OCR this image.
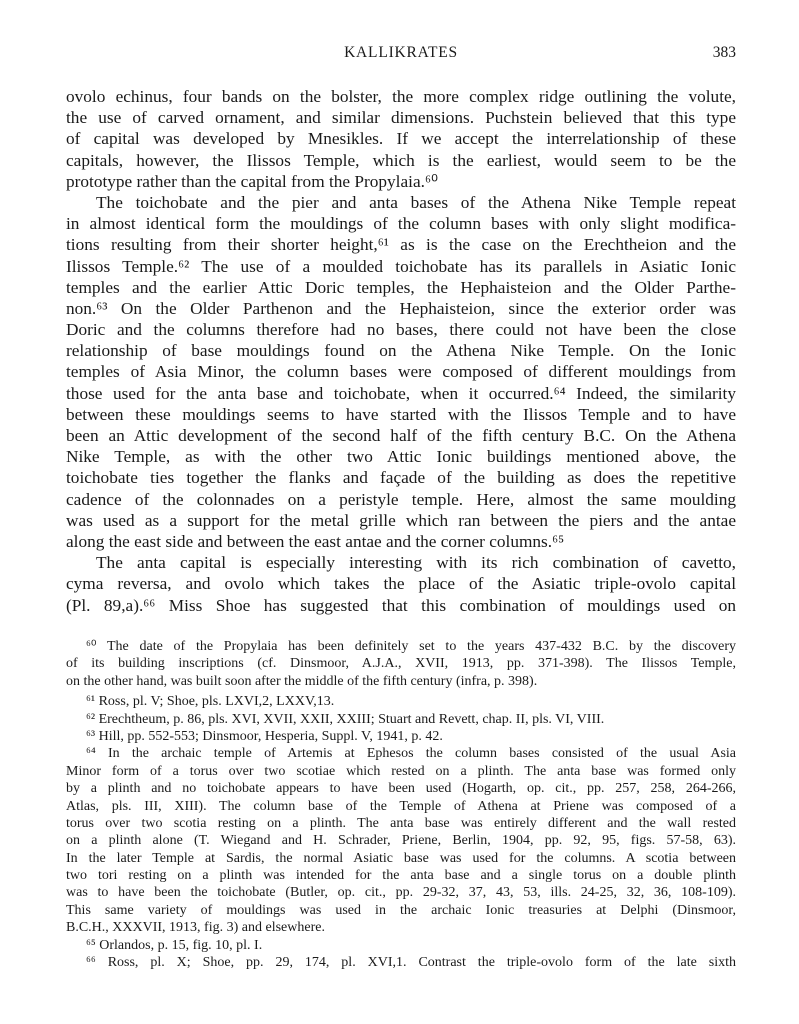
KALLIKRATES	383
ovolo echinus, four bands on the bolster, the more complex ridge outlining the volute,
the use of carved ornament, and similar dimensions. Puchstein believed that this type
of capital was developed by Mnesikles. If we accept the interrelationship of these
capitals, however, the Ilissos Temple, which is the earliest, would seem to be the
prototype rather than the capital from the Propylaia.⁶⁰
The toichobate and the pier and anta bases of the Athena Nike Temple repeat
in almost identical form the mouldings of the column bases with only slight modifica-
tions resulting from their shorter height,⁶¹ as is the case on the Erechtheion and the
Ilissos Temple.⁶² The use of a moulded toichobate has its parallels in Asiatic Ionic
temples and the earlier Attic Doric temples, the Hephaisteion and the Older Parthe-
non.⁶³ On the Older Parthenon and the Hephaisteion, since the exterior order was
Doric and the columns therefore had no bases, there could not have been the close
relationship of base mouldings found on the Athena Nike Temple. On the Ionic
temples of Asia Minor, the column bases were composed of different mouldings from
those used for the anta base and toichobate, when it occurred.⁶⁴ Indeed, the similarity
between these mouldings seems to have started with the Ilissos Temple and to have
been an Attic development of the second half of the fifth century B.C. On the Athena
Nike Temple, as with the other two Attic Ionic buildings mentioned above, the
toichobate ties together the flanks and façade of the building as does the repetitive
cadence of the colonnades on a peristyle temple. Here, almost the same moulding
was used as a support for the metal grille which ran between the piers and the antae
along the east side and between the east antae and the corner columns.⁶⁵
The anta capital is especially interesting with its rich combination of cavetto,
cyma reversa, and ovolo which takes the place of the Asiatic triple-ovolo capital
(Pl. 89,a).⁶⁶ Miss Shoe has suggested that this combination of mouldings used on
⁶⁰ The date of the Propylaia has been definitely set to the years 437-432 B.C. by the discovery
of its building inscriptions (cf. Dinsmoor, A.J.A., XVII, 1913, pp. 371-398). The Ilissos Temple,
on the other hand, was built soon after the middle of the fifth century (infra, p. 398).
⁶¹ Ross, pl. V; Shoe, pls. LXVI,2, LXXV,13.
⁶² Erechtheum, p. 86, pls. XVI, XVII, XXII, XXIII; Stuart and Revett, chap. II, pls. VI, VIII.
⁶³ Hill, pp. 552-553; Dinsmoor, Hesperia, Suppl. V, 1941, p. 42.
⁶⁴ In the archaic temple of Artemis at Ephesos the column bases consisted of the usual Asia
Minor form of a torus over two scotiae which rested on a plinth. The anta base was formed only
by a plinth and no toichobate appears to have been used (Hogarth, op. cit., pp. 257, 258, 264-266,
Atlas, pls. III, XIII). The column base of the Temple of Athena at Priene was composed of a
torus over two scotia resting on a plinth. The anta base was entirely different and the wall rested
on a plinth alone (T. Wiegand and H. Schrader, Priene, Berlin, 1904, pp. 92, 95, figs. 57-58, 63).
In the later Temple at Sardis, the normal Asiatic base was used for the columns. A scotia between
two tori resting on a plinth was intended for the anta base and a single torus on a double plinth
was to have been the toichobate (Butler, op. cit., pp. 29-32, 37, 43, 53, ills. 24-25, 32, 36, 108-109).
This same variety of mouldings was used in the archaic Ionic treasuries at Delphi (Dinsmoor,
B.C.H., XXXVII, 1913, fig. 3) and elsewhere.
⁶⁵ Orlandos, p. 15, fig. 10, pl. I.
⁶⁶ Ross, pl. X; Shoe, pp. 29, 174, pl. XVI,1. Contrast the triple-ovolo form of the late sixth
